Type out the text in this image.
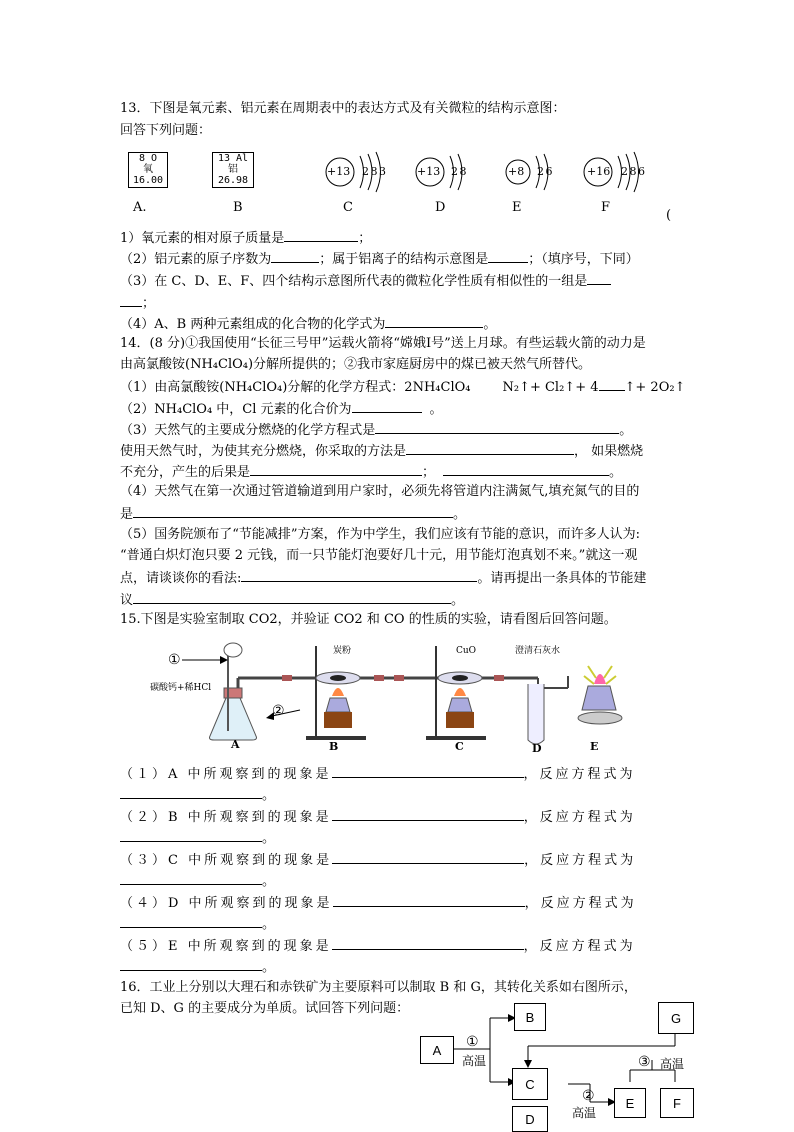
13．下图是氧元素、铝元素在周期表中的表达方式及有关微粒的结构示意图：
回答下列问题：
8 O
氧
16.00
13 Al
铝
26.98
+13 2 8 3	+13 2 8	+8 2 6	+16 2 8 6
A.	B	C	D	E	F
(
1）氧元素的相对原子质量是	；
（2）铝元素的原子序数为	；属于铝离子的结构示意图是	；（填序号，下同）
（3）在 C、D、E、F、四个结构示意图所代表的微粒化学性质有相似性的一组是
；
（4）A、B 两种元素组成的化合物的化学式为	。
14．(8 分)①我国使用“长征三号甲”运载火箭将“嫦娥Ⅰ号”送上月球。有些运载火箭的动力是
由高氯酸铵(NH₄ClO₄)分解所提供的；②我市家庭厨房中的煤已被天然气所替代。
（1）由高氯酸铵(NH₄ClO₄)分解的化学方程式：2NH₄ClO₄ N₂↑+ Cl₂↑+ 4 ↑+ 2O₂↑
（2）NH₄ClO₄ 中，Cl 元素的化合价为	。
（3）天然气的主要成分燃烧的化学方程式是	。
使用天然气时，为使其充分燃烧，你采取的方法是	， 如果燃烧
不充分，产生的后果是	；	。
（4）天然气在第一次通过管道输道到用户家时，必须先将管道内注满氮气,填充氮气的目的
是	。
（5）国务院颁布了“节能减排”方案，作为中学生，我们应该有节能的意识，而许多人认为:
“普通白炽灯泡只要 2 元钱，而一只节能灯泡要好几十元，用节能灯泡真划不来。”就这一观
点，请谈谈你的看法:	。请再提出一条具体的节能建
议	。
15.下图是实验室制取 CO2，并验证 CO2 和 CO 的性质的实验，请看图后回答问题。
①
②
碳酸钙+稀HCl
炭粉	CuO	澄清石灰水
A	B	C	D	E
（１）A 中所观察到的现象是	，反应方程式为
。
（２）B 中所观察到的现象是	，反应方程式为
。
（３）C 中所观察到的现象是	，反应方程式为
。
（４）D 中所观察到的现象是	，反应方程式为
。
（５）E 中所观察到的现象是	，反应方程式为
。
16．工业上分别以大理石和赤铁矿为主要原料可以制取 B 和 G，其转化关系如右图所示，
已知 D、G 的主要成分为单质。试回答下列问题：
A
B
C
D
E	F
G
①
高温
②
高温
③ 高温
